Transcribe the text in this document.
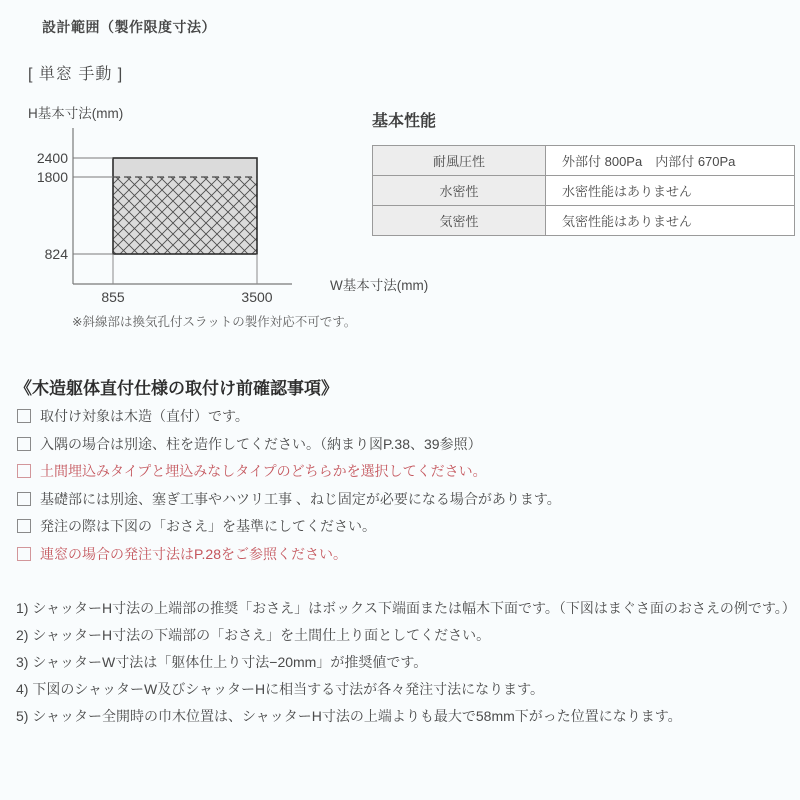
設計範囲（製作限度寸法）
[ 単窓 手動 ]
H基本寸法(mm)
2400
1800
824
855	3500
W基本寸法(mm)
※斜線部は換気孔付スラットの製作対応不可です。
基本性能
耐風圧性	外部付 800Pa　内部付 670Pa
水密性	水密性能はありません
気密性	気密性能はありません
《木造躯体直付仕様の取付け前確認事項》
取付け対象は木造（直付）です。
入隅の場合は別途、柱を造作してください。（納まり図P.38、39参照）
土間埋込みタイプと埋込みなしタイプのどちらかを選択してください。
基礎部には別途、塞ぎ工事やハツリ工事 、ねじ固定が必要になる場合があります。
発注の際は下図の「おさえ」を基準にしてください。
連窓の場合の発注寸法はP.28をご参照ください。
1) シャッターH寸法の上端部の推奨「おさえ」はボックス下端面または幅木下面です。（下図はまぐさ面のおさえの例です。）
2) シャッターH寸法の下端部の「おさえ」を土間仕上り面としてください。
3) シャッターW寸法は「躯体仕上り寸法−20mm」が推奨値です。
4) 下図のシャッターW及びシャッターHに相当する寸法が各々発注寸法になります。
5) シャッター全開時の巾木位置は、シャッターH寸法の上端よりも最大で58mm下がった位置になります。
